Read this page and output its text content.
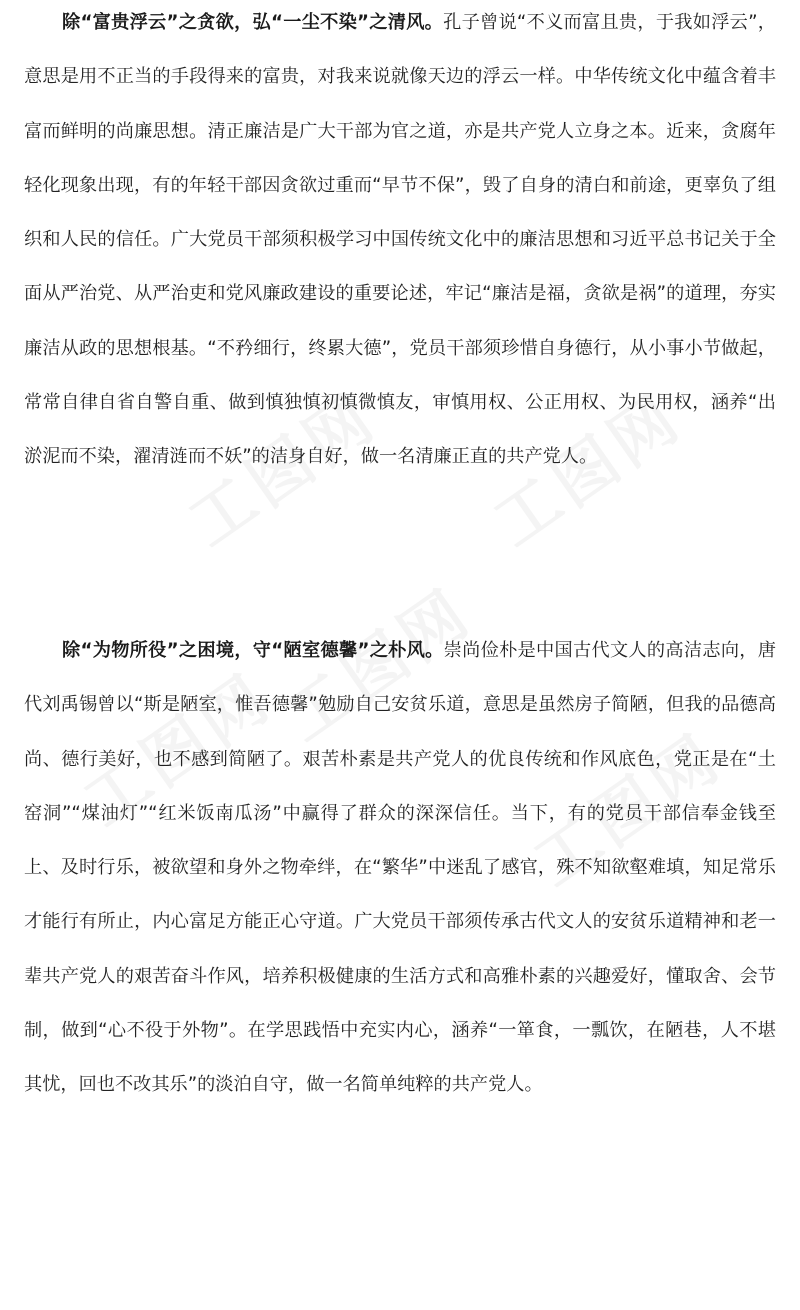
除“富贵浮云”之贪欲，弘“一尘不染”之清风。孔子曾说“不义而富且贵，于我如浮云”，意思是用不正当的手段得来的富贵，对我来说就像天边的浮云一样。中华传统文化中蕴含着丰富而鲜明的尚廉思想。清正廉洁是广大干部为官之道，亦是共产党人立身之本。近来，贪腐年轻化现象出现，有的年轻干部因贪欲过重而“早节不保”，毁了自身的清白和前途，更辜负了组织和人民的信任。广大党员干部须积极学习中国传统文化中的廉洁思想和习近平总书记关于全面从严治党、从严治吏和党风廉政建设的重要论述，牢记“廉洁是福，贪欲是祸”的道理，夯实廉洁从政的思想根基。“不矜细行，终累大德”，党员干部须珍惜自身德行，从小事小节做起，常常自律自省自警自重、做到慎独慎初慎微慎友，审慎用权、公正用权、为民用权，涵养“出淤泥而不染，濯清涟而不妖”的洁身自好，做一名清廉正直的共产党人。

除“为物所役”之困境，守“陋室德馨”之朴风。崇尚俭朴是中国古代文人的高洁志向，唐代刘禹锡曾以“斯是陋室，惟吾德馨”勉励自己安贫乐道，意思是虽然房子简陋，但我的品德高尚、德行美好，也不感到简陋了。艰苦朴素是共产党人的优良传统和作风底色，党正是在“土窑洞”“煤油灯”“红米饭南瓜汤”中赢得了群众的深深信任。当下，有的党员干部信奉金钱至上、及时行乐，被欲望和身外之物牵绊，在“繁华”中迷乱了感官，殊不知欲壑难填，知足常乐才能行有所止，内心富足方能正心守道。广大党员干部须传承古代文人的安贫乐道精神和老一辈共产党人的艰苦奋斗作风，培养积极健康的生活方式和高雅朴素的兴趣爱好，懂取舍、会节制，做到“心不役于外物”。在学思践悟中充实内心，涵养“一箪食，一瓢饮，在陋巷，人不堪其忧，回也不改其乐”的淡泊自守，做一名简单纯粹的共产党人。
